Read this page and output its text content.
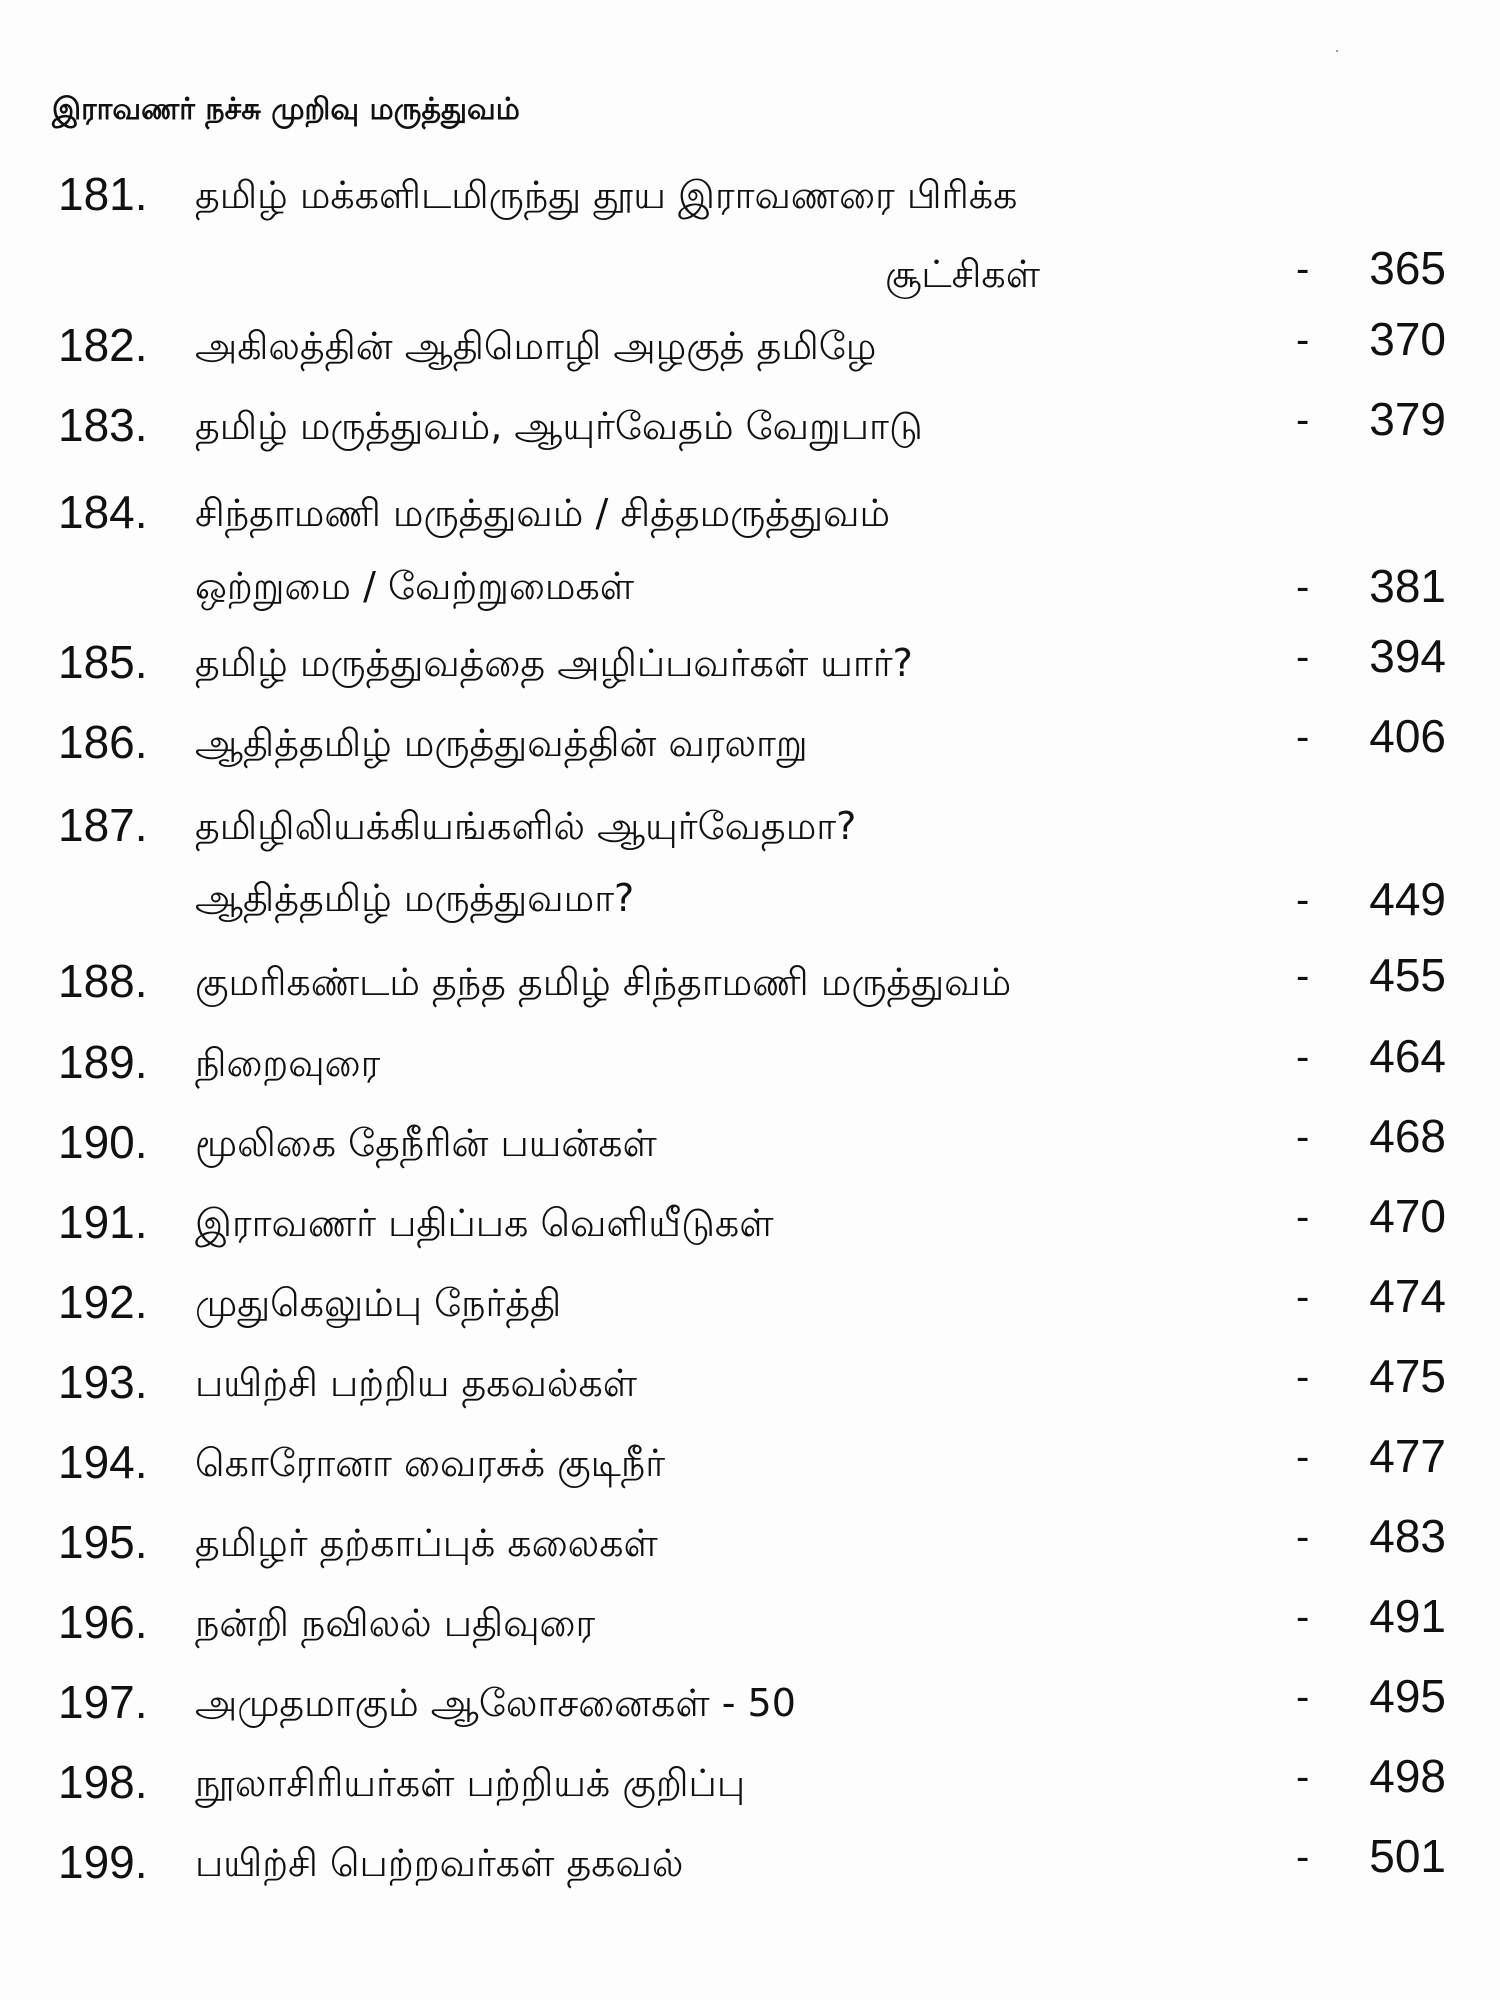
இராவணர் நச்சு முறிவு மருத்துவம்
181.	தமிழ் மக்களிடமிருந்து தூய இராவணரை பிரிக்க
சூட்சிகள்	- 365
182.	அகிலத்தின் ஆதிமொழி அழகுத் தமிழே	- 370
183.	தமிழ் மருத்துவம், ஆயுர்வேதம் வேறுபாடு	- 379
184.	சிந்தாமணி மருத்துவம் / சித்தமருத்துவம்
ஒற்றுமை / வேற்றுமைகள்	- 381
185.	தமிழ் மருத்துவத்தை அழிப்பவர்கள் யார்?	- 394
186.	ஆதித்தமிழ் மருத்துவத்தின் வரலாறு	- 406
187.	தமிழிலியக்கியங்களில் ஆயுர்வேதமா?
ஆதித்தமிழ் மருத்துவமா?	- 449
188.	குமரிகண்டம் தந்த தமிழ் சிந்தாமணி மருத்துவம்	- 455
189.	நிறைவுரை	- 464
190.	மூலிகை தேநீரின் பயன்கள்	- 468
191.	இராவணர் பதிப்பக வெளியீடுகள்	- 470
192.	முதுகெலும்பு நேர்த்தி	- 474
193.	பயிற்சி பற்றிய தகவல்கள்	- 475
194.	கொரோனா வைரசுக் குடிநீர்	- 477
195.	தமிழர் தற்காப்புக் கலைகள்	- 483
196.	நன்றி நவிலல் பதிவுரை	- 491
197.	அமுதமாகும் ஆலோசனைகள் - 50	- 495
198.	நூலாசிரியர்கள் பற்றியக் குறிப்பு	- 498
199.	பயிற்சி பெற்றவர்கள் தகவல்	- 501
